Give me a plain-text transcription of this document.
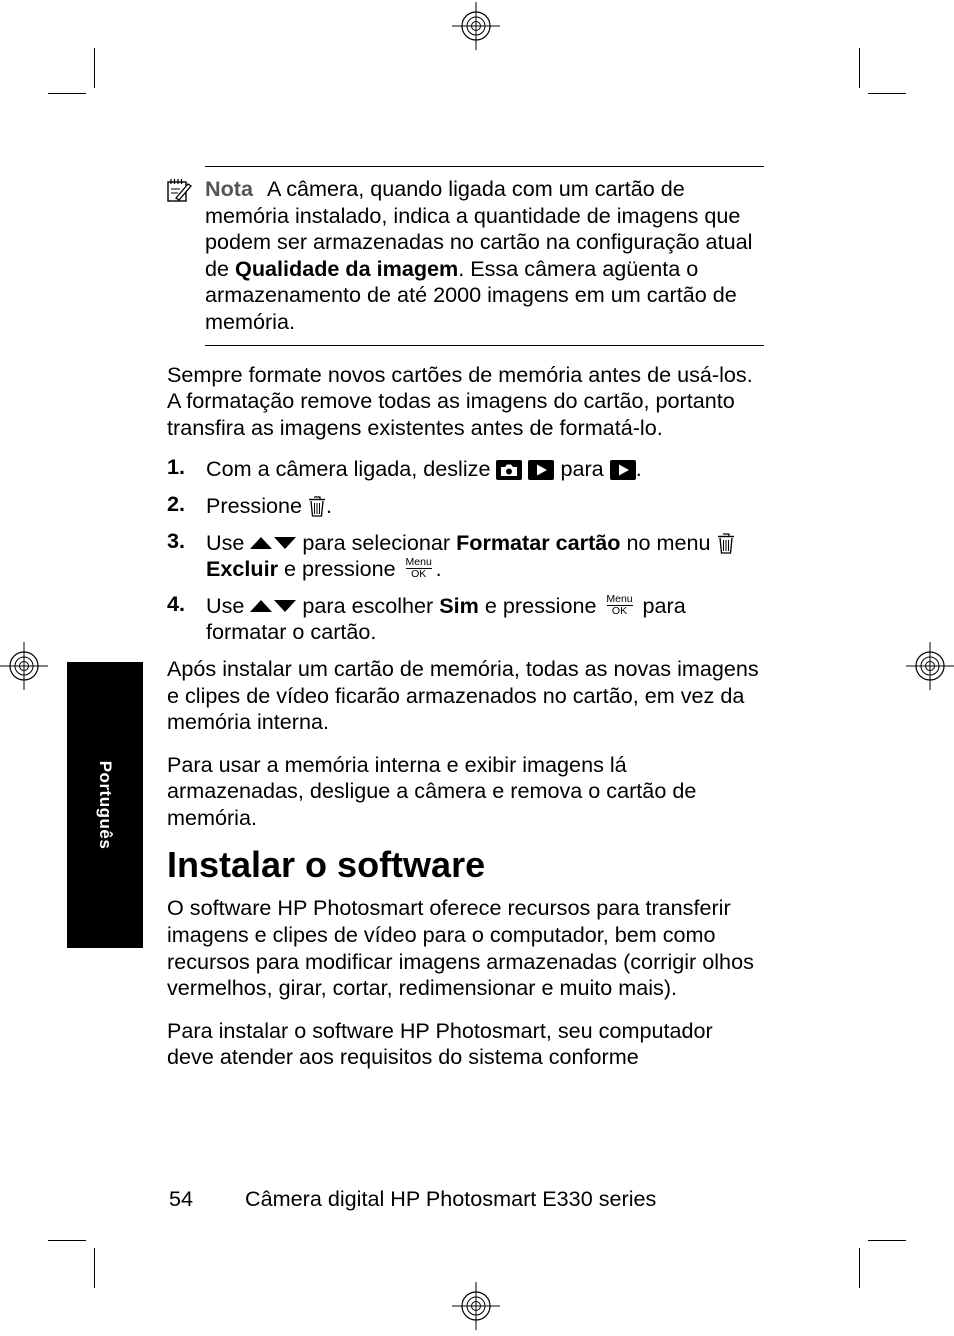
Português

Nota A câmera, quando ligada com um cartão de memória instalado, indica a quantidade de imagens que podem ser armazenadas no cartão na configuração atual de Qualidade da imagem. Essa câmera agüenta o armazenamento de até 2000 imagens em um cartão de memória.

Sempre formate novos cartões de memória antes de usá-los. A formatação remove todas as imagens do cartão, portanto transfira as imagens existentes antes de formatá-lo.

1. Com a câmera ligada, deslize	para .
2. Pressione .
3. Use	para selecionar Formatar cartão no menu  Excluir e pressione Menu
OK .
4. Use	para escolher Sim e pressione Menu
OK para formatar o cartão.

Após instalar um cartão de memória, todas as novas imagens e clipes de vídeo ficarão armazenados no cartão, em vez da memória interna.

Para usar a memória interna e exibir imagens lá armazenadas, desligue a câmera e remova o cartão de memória.

Instalar o software

O software HP Photosmart oferece recursos para transferir imagens e clipes de vídeo para o computador, bem como recursos para modificar imagens armazenadas (corrigir olhos vermelhos, girar, cortar, redimensionar e muito mais).

Para instalar o software HP Photosmart, seu computador deve atender aos requisitos do sistema conforme

54 Câmera digital HP Photosmart E330 series
